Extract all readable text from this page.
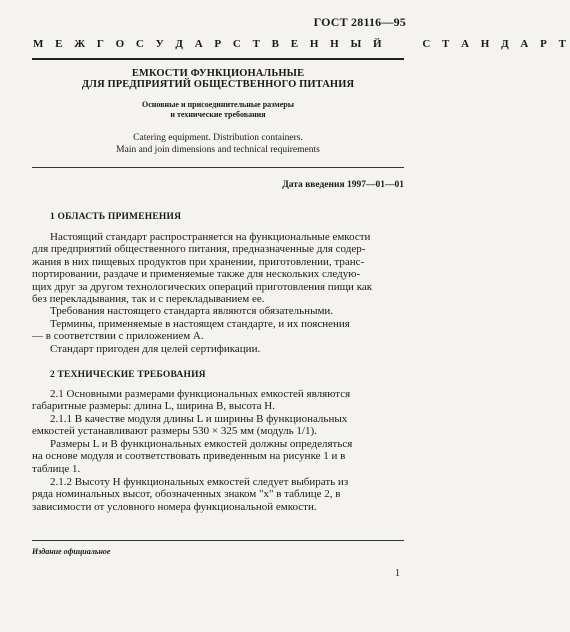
ГОСТ 28116—95
М Е Ж Г О С У Д А Р С Т В Е Н Н Ы Й     С Т А Н Д А Р Т
ЕМКОСТИ ФУНКЦИОНАЛЬНЫЕ
ДЛЯ ПРЕДПРИЯТИЙ ОБЩЕСТВЕННОГО ПИТАНИЯ
Основные и присоединительные размеры
и технические требования
Catering equipment. Distribution containers.
Main and join dimensions and technical requirements
Дата введения 1997—01—01
1 ОБЛАСТЬ ПРИМЕНЕНИЯ
Настоящий стандарт распространяется на функциональные емкости
для предприятий общественного питания, предназначенные для содер-
жания в них пищевых продуктов при хранении, приготовлении, транс-
портировании, раздаче и применяемые также для нескольких следую-
щих друг за другом технологических операций приготовления пищи как
без перекладывания, так и с перекладыванием ее.
Требования настоящего стандарта являются обязательными.
Термины, применяемые в настоящем стандарте, и их пояснения
— в соответствии с приложением А.
Стандарт пригоден для целей сертификации.
2 ТЕХНИЧЕСКИЕ ТРЕБОВАНИЯ
2.1 Основными размерами функциональных емкостей являются
габаритные размеры: длина L, ширина B, высота H.
2.1.1 В качестве модуля длины L и ширины B функциональных
емкостей устанавливают размеры 530 × 325 мм (модуль 1/1).
Размеры L и B функциональных емкостей должны определяться
на основе модуля и соответствовать приведенным на рисунке 1 и в
таблице 1.
2.1.2 Высоту H функциональных емкостей следует выбирать из
ряда номинальных высот, обозначенных знаком "x" в таблице 2, в
зависимости от условного номера функциональной емкости.
Издание официальное
1
